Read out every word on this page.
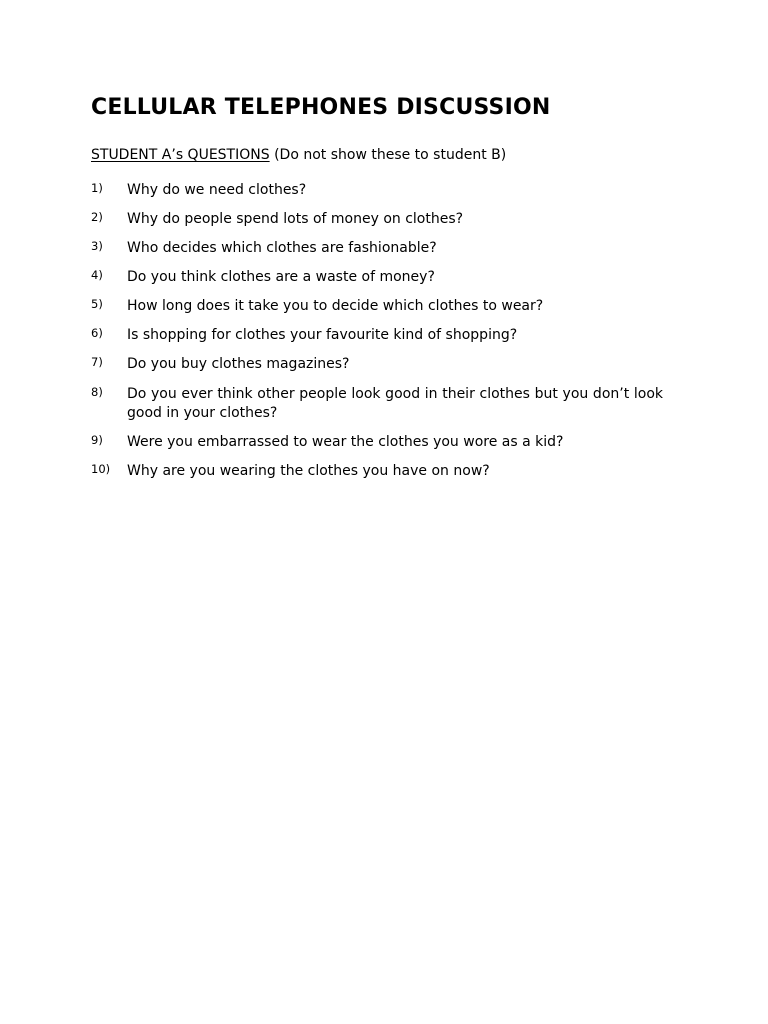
CELLULAR TELEPHONES DISCUSSION

STUDENT A’s QUESTIONS (Do not show these to student B)

1) Why do we need clothes?
2) Why do people spend lots of money on clothes?
3) Who decides which clothes are fashionable?
4) Do you think clothes are a waste of money?
5) How long does it take you to decide which clothes to wear?
6) Is shopping for clothes your favourite kind of shopping?
7) Do you buy clothes magazines?
8) Do you ever think other people look good in their clothes but you don’t look good in your clothes?
9) Were you embarrassed to wear the clothes you wore as a kid?
10) Why are you wearing the clothes you have on now?
